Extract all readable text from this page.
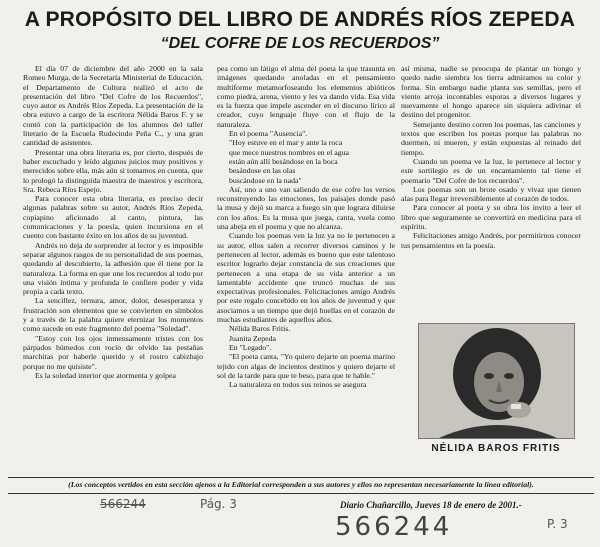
A PROPÓSITO DEL LIBRO DE ANDRÉS RÍOS ZEPEDA
“DEL COFRE DE LOS RECUERDOS”

El día 07 de diciembre del año 2000 en la sala Romeo Murga, de la Secretaría Ministerial de Educación, el Departamento de Cultura realizó el acto de presentación del libro "Del Cofre de los Recuerdos", cuyo autor es Andrés Ríos Zepeda. La presentación de la obra estuvo a cargo de la escritora Nélida Baros F. y se contó con la participación de los alumnos del taller literario de la Escuela Rudecindo Peña C., y una gran cantidad de asistentes.

Presentar una obra literaria es, por cierto, después de haber escuchado y leído algunos juicios muy positivos y merecidos sobre ella, más aún si tomamos en cuenta, que lo prologó la distinguida maestra de maestros y escritora, Sra. Rebeca Ríos Espejo.

Para conocer esta obra literaria, es preciso decir algunas palabras sobre su autor, Andrés Ríos Zepeda, copiapino aficionado al canto, pintura, las comunicaciones y la poesía, quien incursiona en el cuento con bastante éxito en los años de su juventud.

Andrés no deja de sorprender al lector y es imposible separar algunos rasgos de su personalidad de sus poemas, quedando al descubierto, la adhesión que él tiene por la naturaleza. La forma en que une los recuerdos al todo por una visión íntima y profunda le confiere poder y vida propia a cada texto.

La sencillez, ternura, amor, dolor, desesperanza y frustración son elementos que se convierten en símbolos y a través de la palabra quiere eternizar los momentos como sucede en este fragmento del poema "Soledad".

"Estoy con los ojos inmensamente tristes con los párpados húmedos con rocío de olvido las pestañas marchitas por haberle querido y el rostro cabizbajo porque no me quisiste".

Es la soledad interior que atormenta y golpea

pea como un látigo el alma del poeta la que trasunta en imágenes quedando anoladas en el pensamiento multiforme metamorfoseando los elementos abióticos como piedra, arena, viento y les va dando vida. Esa vida es la fuerza que impele ascender en el discurso lírico al creador, cuyo lenguaje fluye con el flujo de la naturaleza.

En el poema "Ausencia".

"Hoy estuve en el mar y ante la roca

que mece nuestros nombres en el agua

están aún allí besándose en la boca

besándose en las olas

buscándose en la nada"

Así, uno a uno van saliendo de ese cofre los versos reconstruyendo las emociones, los paisajes donde pasó la musa y dejó su marca a fuego sin que lograra diluirse con los años. Es la musa que juega, canta, vuela como una abeja en el poema y que no alcanza.

Cuando los poemas ven la luz ya no le pertenecen a su autor, ellos salen a recorrer diversos caminos y le pertenecen al lector, además es bueno que este talentoso escritor lograrlo dejar constancia de sus creaciones que pertenecen a una etapa de su vida anterior a un lamentable accidente que truncó muchas de sus expectativas profesionales. Felicitaciones amigo Andrés por este regalo concebido en los años de juventud y que asociamos a un tiempo que dejó huellas en el corazón de muchas estudiantes de aquellos años.

Nélida Baros Fritis.

Juanita Zepeda

En "Legado".

"El poeta canta, "Yo quiero dejarte un poema marino tejido con algas de incientos destinos y quiero dejarte el sol de la tarde para que te beso, para que te hable."

La naturaleza en todos sus reinos se asegura

así misma, nadie se preocupa de plantar un hongo y quedo nadie siembra los tierra admiramos su color y forma. Sin embargo nadie planta sus semillas, pero el viento arroja incontables esporas a diversos lugares y nuevamente el hongo aparece sin siquiera adivinar el destino del progenitor.

Semejante destino corren los poemas, las canciones y textos que escriben los poetas porque las palabras no duermen, ni mueren, y están expuestas al reinado del tiempo.

Cuando un poema ve la luz, le pertenece al lector y este sortilegio es de un encantamiento tal tiene el poemario "Del Cofre de los recuerdos".

Los poemas son un brote osado y vivaz que tienen alas para llegar irreversiblemente al corazón de todos.

Para conocer al poeta y su obra los invito a leer el libro que seguramente se convertirá en medicina para el espíritu.

Felicitaciones amigo Andrés, por permitirnos conocer tus pensamientos en la poesía.

NÉLIDA BAROS FRITIS
(Los conceptos vertidos en esta sección ajenos a la Editorial corresponden a sus autores y ellos no representan necesariamente la línea editorial).
566244	Pág. 3	Diario Chañarcillo, Jueves 18 de enero de 2001.-
566244	P. 3
